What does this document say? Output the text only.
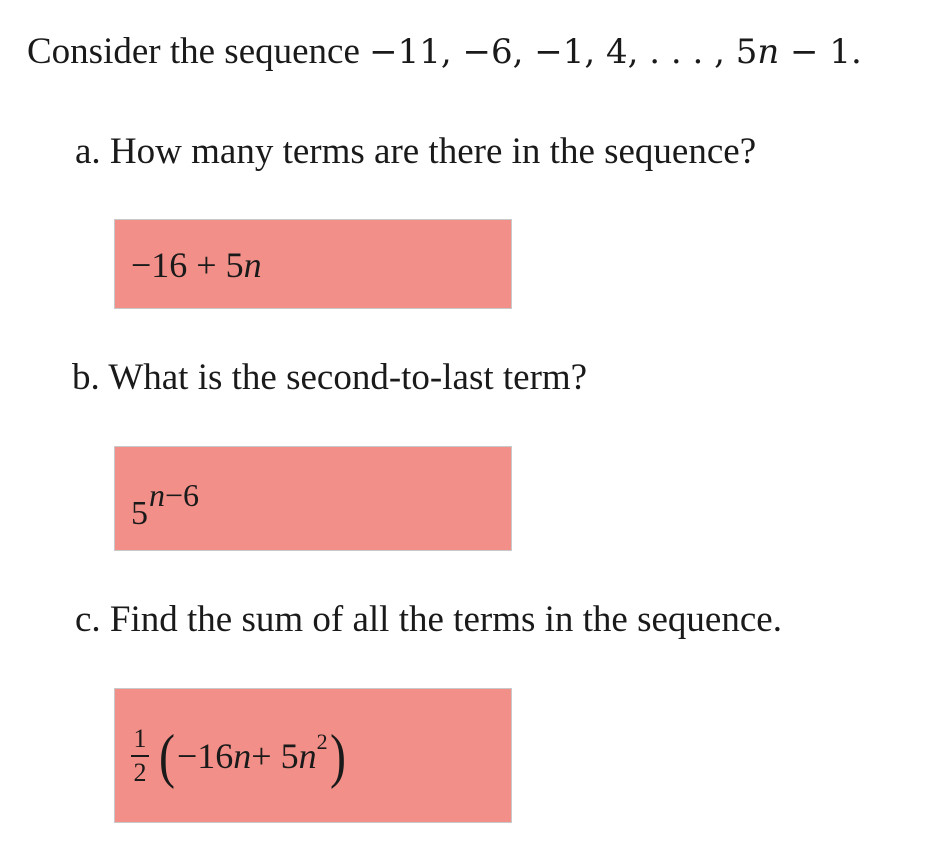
Consider the sequence −11, −6, −1, 4, . . . , 5n − 1.
a. How many terms are there in the sequence?
−16 + 5n
b. What is the second-to-last term?
5n−6
c. Find the sum of all the terms in the sequence.
$\frac{1}{2}$ ( −16 n + 5 n 2 )
